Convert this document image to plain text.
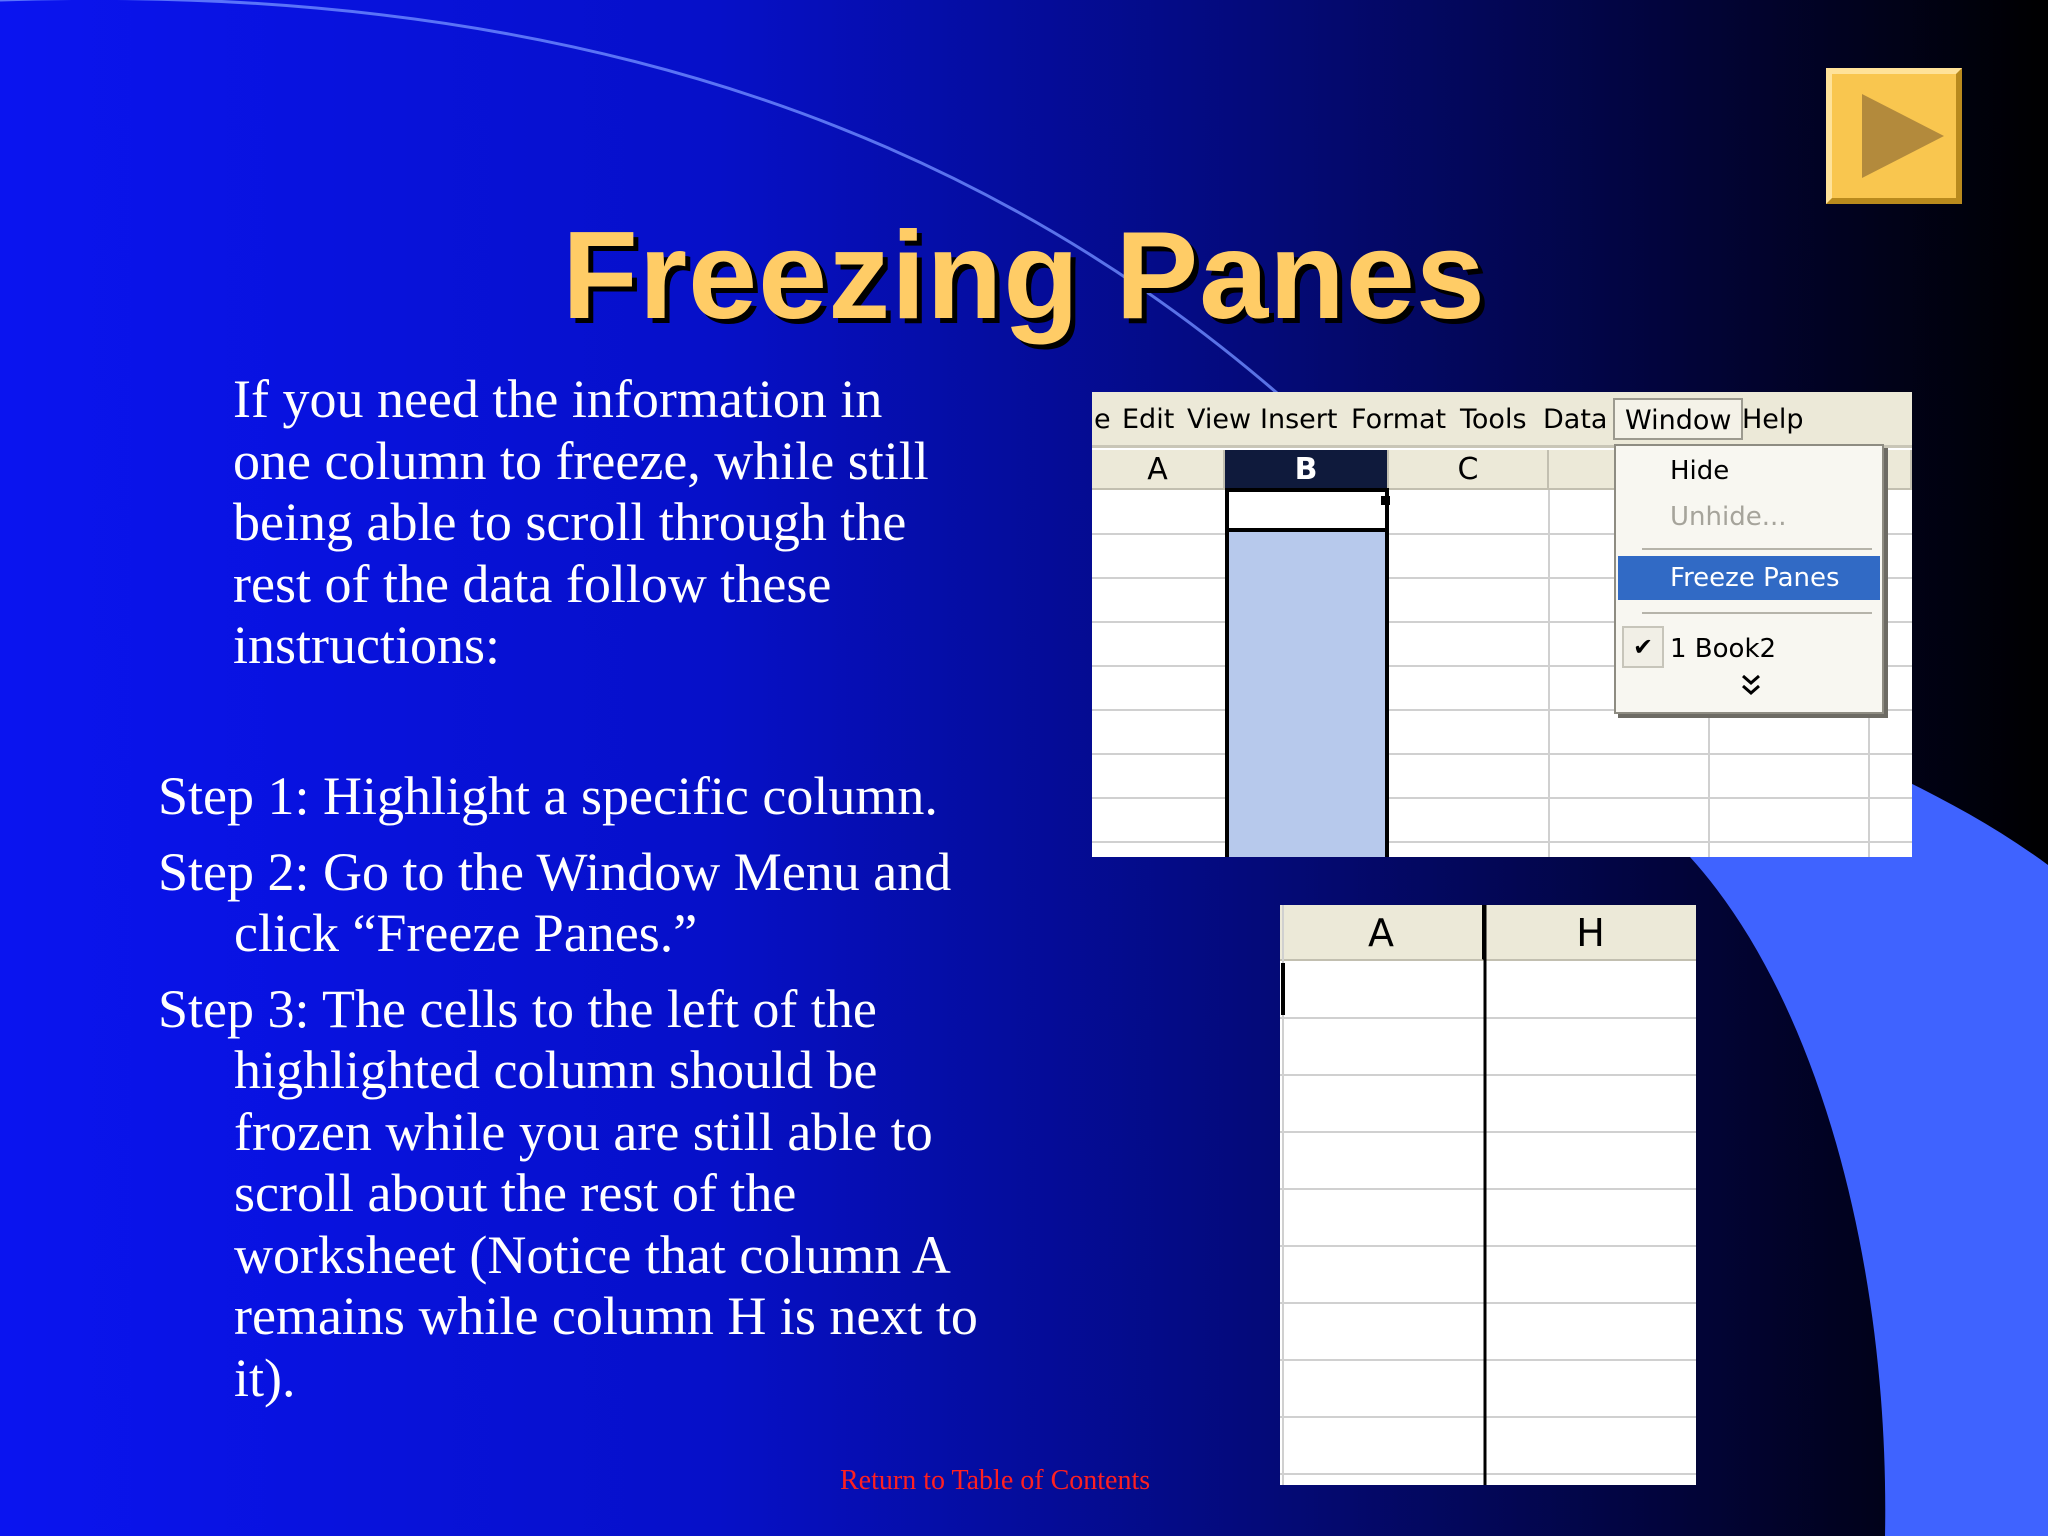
Freezing Panes
If you need the information in one column to freeze, while still being able to scroll through the rest of the data follow these instructions:
Step 1: Highlight a specific column.
Step 2: Go to the Window Menu and click “Freeze Panes.”
Step 3: The cells to the left of the highlighted column should be frozen while you are still able to scroll about the rest of the worksheet (Notice that column A remains while column H is next to it).
Return to Table of Contents
e Edit View Insert Format Tools Data Window Help
A	B	C	Hide
Unhide...
Freeze Panes
✔ 1 Book2
A	H
